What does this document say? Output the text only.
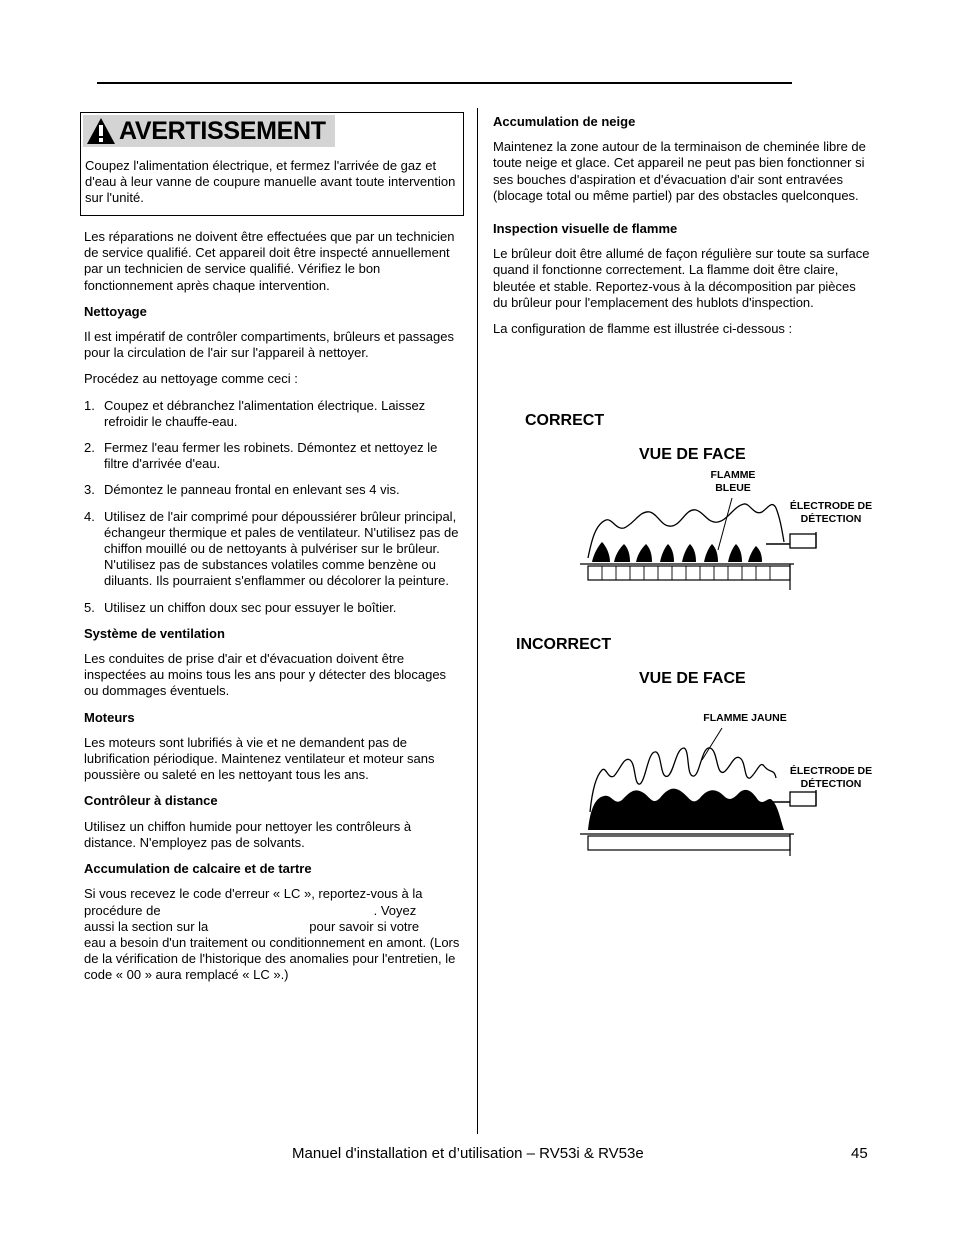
AVERTISSEMENT
Coupez l'alimentation électrique, et fermez l'arrivée de gaz et d'eau à leur vanne de coupure manuelle avant toute intervention sur l'unité.

Les réparations ne doivent être effectuées que par un technicien de service qualifié. Cet appareil doit être inspecté annuellement par un technicien de service qualifié. Vérifiez le bon fonctionnement après chaque intervention.

Nettoyage

Il est impératif de contrôler compartiments, brûleurs et passages pour la circulation de l'air sur l'appareil à nettoyer.

Procédez au nettoyage comme ceci :

1. Coupez et débranchez l'alimentation électrique. Laissez refroidir le chauffe-eau.
2. Fermez l'eau fermer les robinets. Démontez et nettoyez le filtre d'arrivée d'eau.
3. Démontez le panneau frontal en enlevant ses 4 vis.
4. Utilisez de l'air comprimé pour dépoussiérer brûleur principal, échangeur thermique et pales de ventilateur. N'utilisez pas de chiffon mouillé ou de nettoyants à pulvériser sur le brûleur. N'utilisez pas de substances volatiles comme benzène ou diluants. Ils pourraient s'enflammer ou décolorer la peinture.
5. Utilisez un chiffon doux sec pour essuyer le boîtier.
Système de ventilation

Les conduites de prise d'air et d'évacuation doivent être inspectées au moins tous les ans pour y détecter des blocages ou dommages éventuels.

Moteurs

Les moteurs sont lubrifiés à vie et ne demandent pas de lubrification périodique. Maintenez ventilateur et moteur sans poussière ou saleté en les nettoyant tous les ans.

Contrôleur à distance

Utilisez un chiffon humide pour nettoyer les contrôleurs à distance. N'employez pas de solvants.

Accumulation de calcaire et de tartre
Si vous recevez le code d'erreur « LC », reportez-vous à la
procédure de	. Voyez
aussi la section sur la	pour savoir si votre
eau a besoin d'un traitement ou conditionnement en amont. (Lors de la vérification de l'historique des anomalies pour l'entretien, le code « 00 » aura remplacé « LC ».)
Accumulation de neige

Maintenez la zone autour de la terminaison de cheminée libre de toute neige et glace. Cet appareil ne peut pas bien fonctionner si ses bouches d'aspiration et d'évacuation d'air sont entravées (blocage total ou même partiel) par des obstacles quelconques.

Inspection visuelle de flamme

Le brûleur doit être allumé de façon régulière sur toute sa surface quand il fonctionne correctement. La flamme doit être claire, bleutée et stable. Reportez-vous à la décomposition par pièces du brûleur pour l'emplacement des hublots d'inspection.

La configuration de flamme est illustrée ci-dessous :

CORRECT
VUE DE FACE
FLAMME
BLEUE
ÉLECTRODE DE
DÉTECTION
INCORRECT
VUE DE FACE
FLAMME JAUNE
ÉLECTRODE DE
DÉTECTION
Manuel d'installation et d’utilisation – RV53i & RV53e	45
